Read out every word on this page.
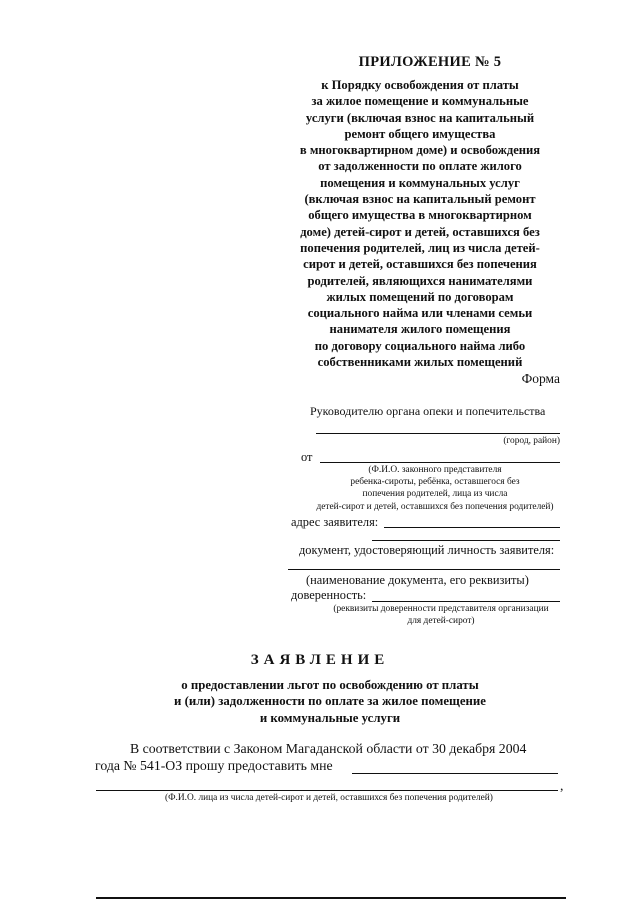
ПРИЛОЖЕНИЕ № 5
к Порядку освобождения от платы
за жилое помещение и коммунальные
услуги (включая взнос на капитальный
ремонт общего имущества
в многоквартирном доме) и освобождения
от задолженности по оплате жилого
помещения и коммунальных услуг
(включая взнос на капитальный ремонт
общего имущества в многоквартирном
доме) детей-сирот и детей, оставшихся без
попечения родителей, лиц из числа детей-
сирот и детей, оставшихся без попечения
родителей, являющихся нанимателями
жилых помещений по договорам
социального найма или членами семьи
нанимателя жилого помещения
по договору социального найма либо
собственниками жилых помещений
Форма
Руководителю органа опеки и попечительства
(город, район)
от
(Ф.И.О. законного представителя
ребенка-сироты, ребёнка, оставшегося без
попечения родителей, лица из числа
детей-сирот и детей, оставшихся без попечения родителей)
адрес заявителя:
документ, удостоверяющий личность заявителя:
(наименование документа, его реквизиты)
доверенность:
(реквизиты доверенности представителя организации
для детей-сирот)
ЗАЯВЛЕНИЕ
о предоставлении льгот по освобождению от платы
и (или) задолженности по оплате за жилое помещение
и коммунальные услуги
В соответствии с Законом Магаданской области от 30 декабря 2004
года № 541-ОЗ прошу предоставить мне
,
(Ф.И.О. лица из числа детей-сирот и детей, оставшихся без попечения родителей)
